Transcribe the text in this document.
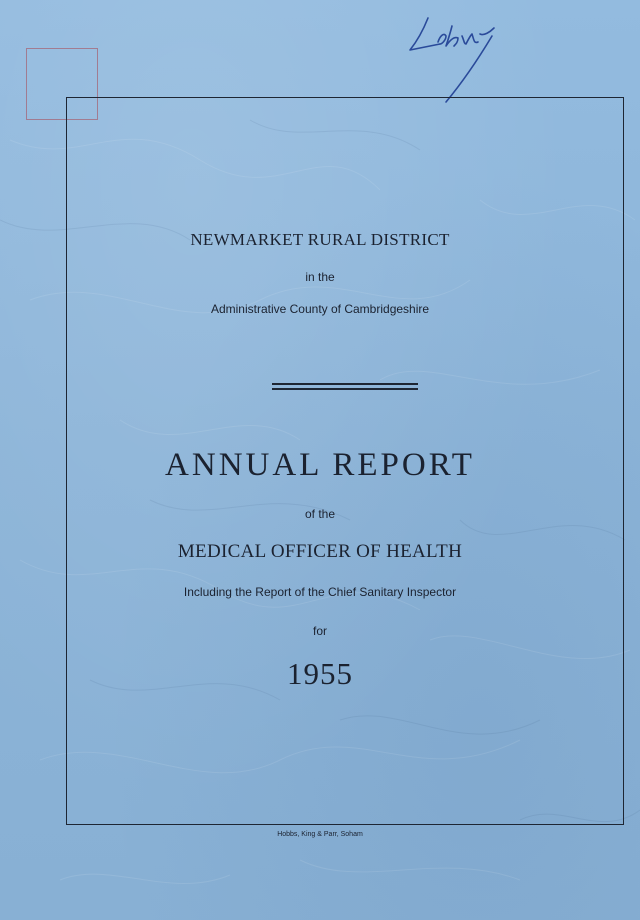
NEWMARKET RURAL DISTRICT
in the
Administrative County of Cambridgeshire
ANNUAL REPORT
of the
MEDICAL OFFICER OF HEALTH
Including the Report of the Chief Sanitary Inspector
for
1955
Hobbs, King & Parr, Soham
